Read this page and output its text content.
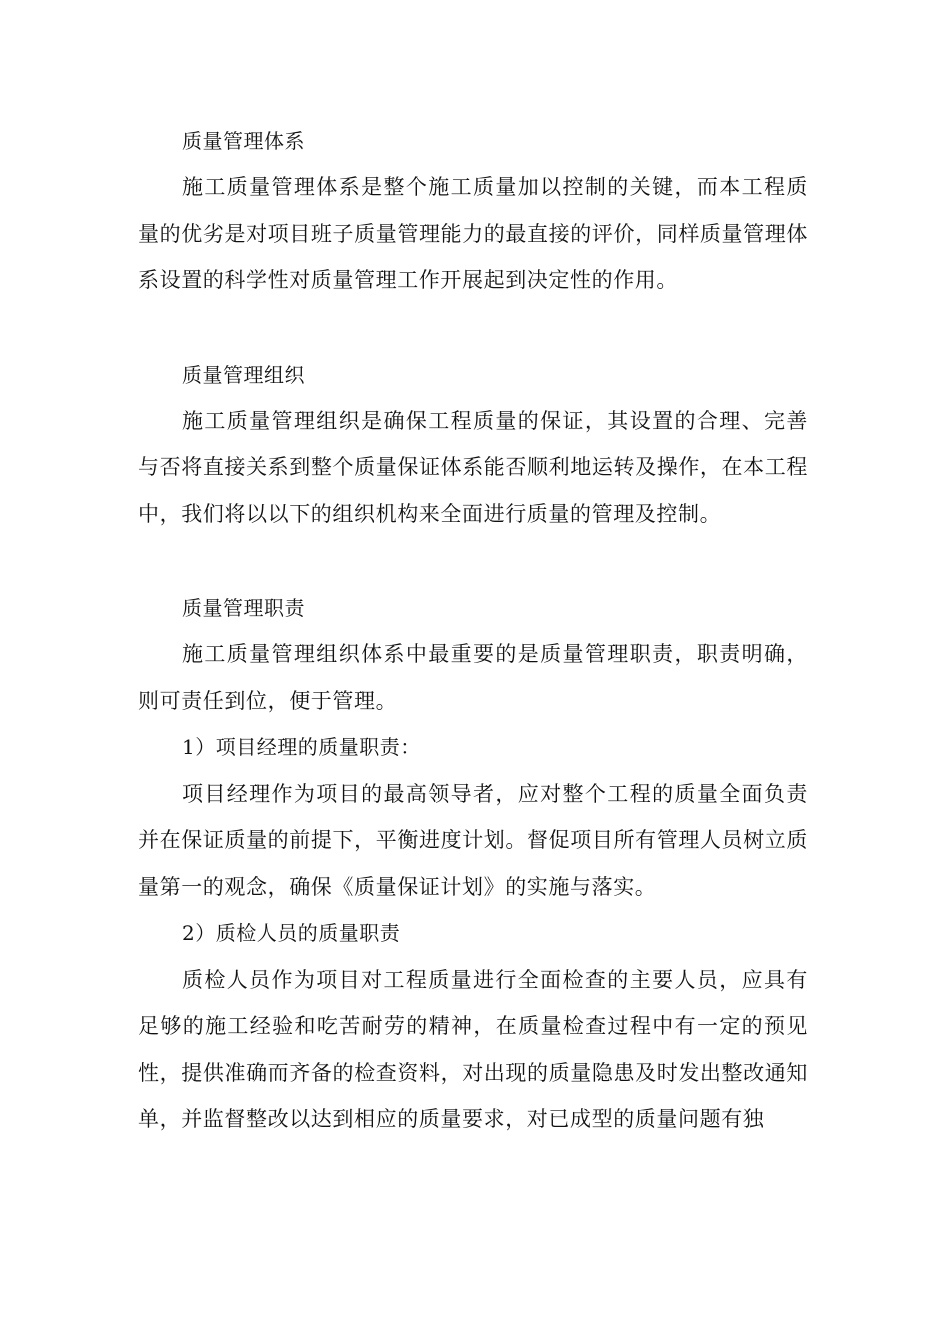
质量管理体系

施工质量管理体系是整个施工质量加以控制的关键，而本工程质量的优劣是对项目班子质量管理能力的最直接的评价，同样质量管理体系设置的科学性对质量管理工作开展起到决定性的作用。

质量管理组织

施工质量管理组织是确保工程质量的保证，其设置的合理、完善与否将直接关系到整个质量保证体系能否顺利地运转及操作，在本工程中，我们将以以下的组织机构来全面进行质量的管理及控制。

质量管理职责

施工质量管理组织体系中最重要的是质量管理职责，职责明确，则可责任到位，便于管理。

1）项目经理的质量职责：

项目经理作为项目的最高领导者，应对整个工程的质量全面负责并在保证质量的前提下，平衡进度计划。督促项目所有管理人员树立质量第一的观念，确保《质量保证计划》的实施与落实。

2）质检人员的质量职责

质检人员作为项目对工程质量进行全面检查的主要人员，应具有足够的施工经验和吃苦耐劳的精神，在质量检查过程中有一定的预见性，提供准确而齐备的检查资料，对出现的质量隐患及时发出整改通知单，并监督整改以达到相应的质量要求，对已成型的质量问题有独
